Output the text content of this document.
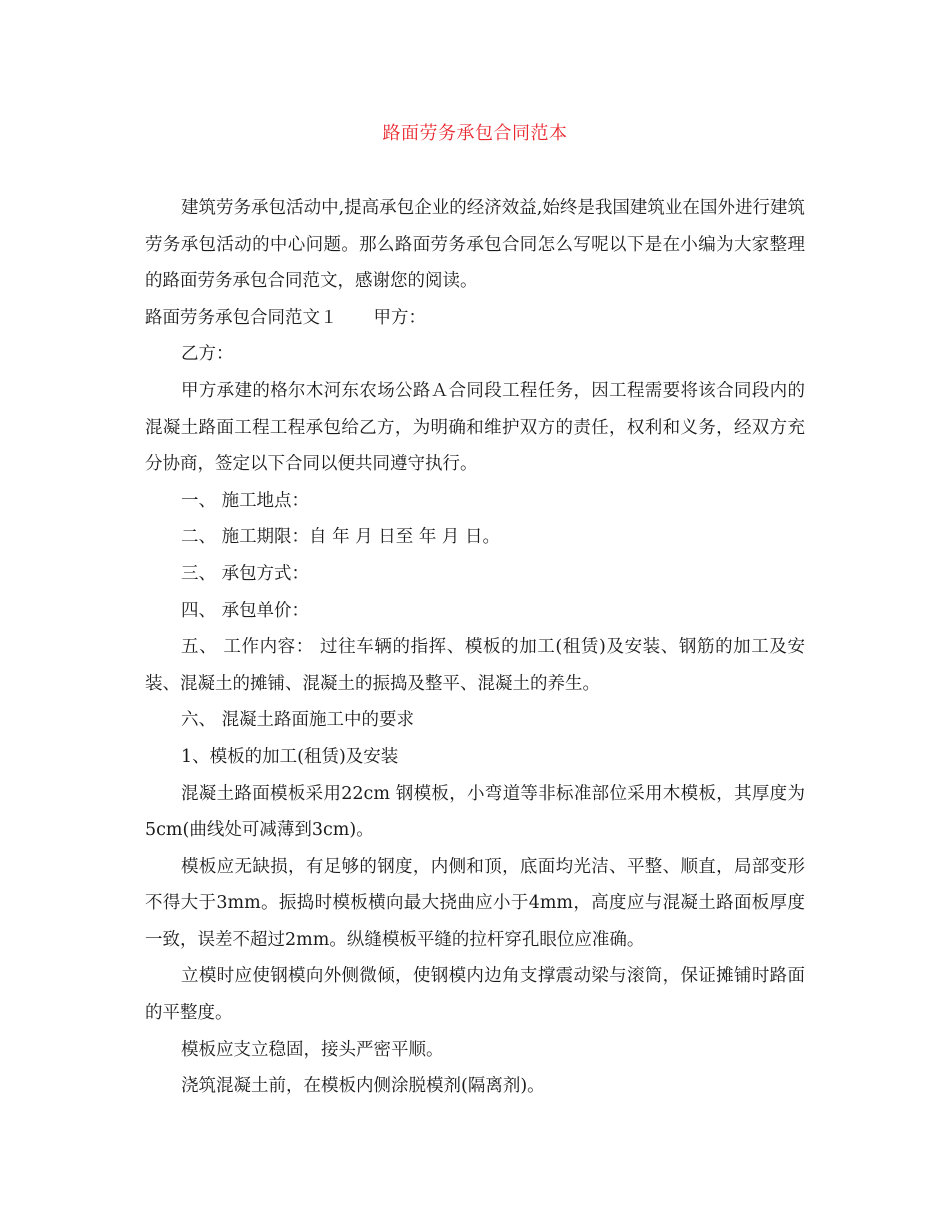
路面劳务承包合同范本

建筑劳务承包活动中,提高承包企业的经济效益,始终是我国建筑业在国外进行建筑劳务承包活动的中心问题。那么路面劳务承包合同怎么写呢以下是在小编为大家整理的路面劳务承包合同范文，感谢您的阅读。

路面劳务承包合同范文１ 甲方：

乙方：

甲方承建的格尔木河东农场公路Ａ合同段工程任务，因工程需要将该合同段内的混凝土路面工程工程承包给乙方，为明确和维护双方的责任，权利和义务，经双方充分协商，签定以下合同以便共同遵守执行。

一、 施工地点：

二、 施工期限：自 年 月 日至 年 月 日。

三、 承包方式：

四、 承包单价：

五、 工作内容： 过往车辆的指挥、模板的加工(租赁)及安装、钢筋的加工及安装、混凝土的摊铺、混凝土的振捣及整平、混凝土的养生。

六、 混凝土路面施工中的要求

1、模板的加工(租赁)及安装

混凝土路面模板采用22cm 钢模板，小弯道等非标准部位采用木模板，其厚度为5cm(曲线处可减薄到3cm)。

模板应无缺损，有足够的钢度，内侧和顶，底面均光洁、平整、顺直，局部变形不得大于3mm。振捣时模板横向最大挠曲应小于4mm，高度应与混凝土路面板厚度一致，误差不超过2mm。纵缝模板平缝的拉杆穿孔眼位应准确。

立模时应使钢模向外侧微倾，使钢模内边角支撑震动梁与滚筒，保证摊铺时路面的平整度。

模板应支立稳固，接头严密平顺。

浇筑混凝土前，在模板内侧涂脱模剂(隔离剂)。
